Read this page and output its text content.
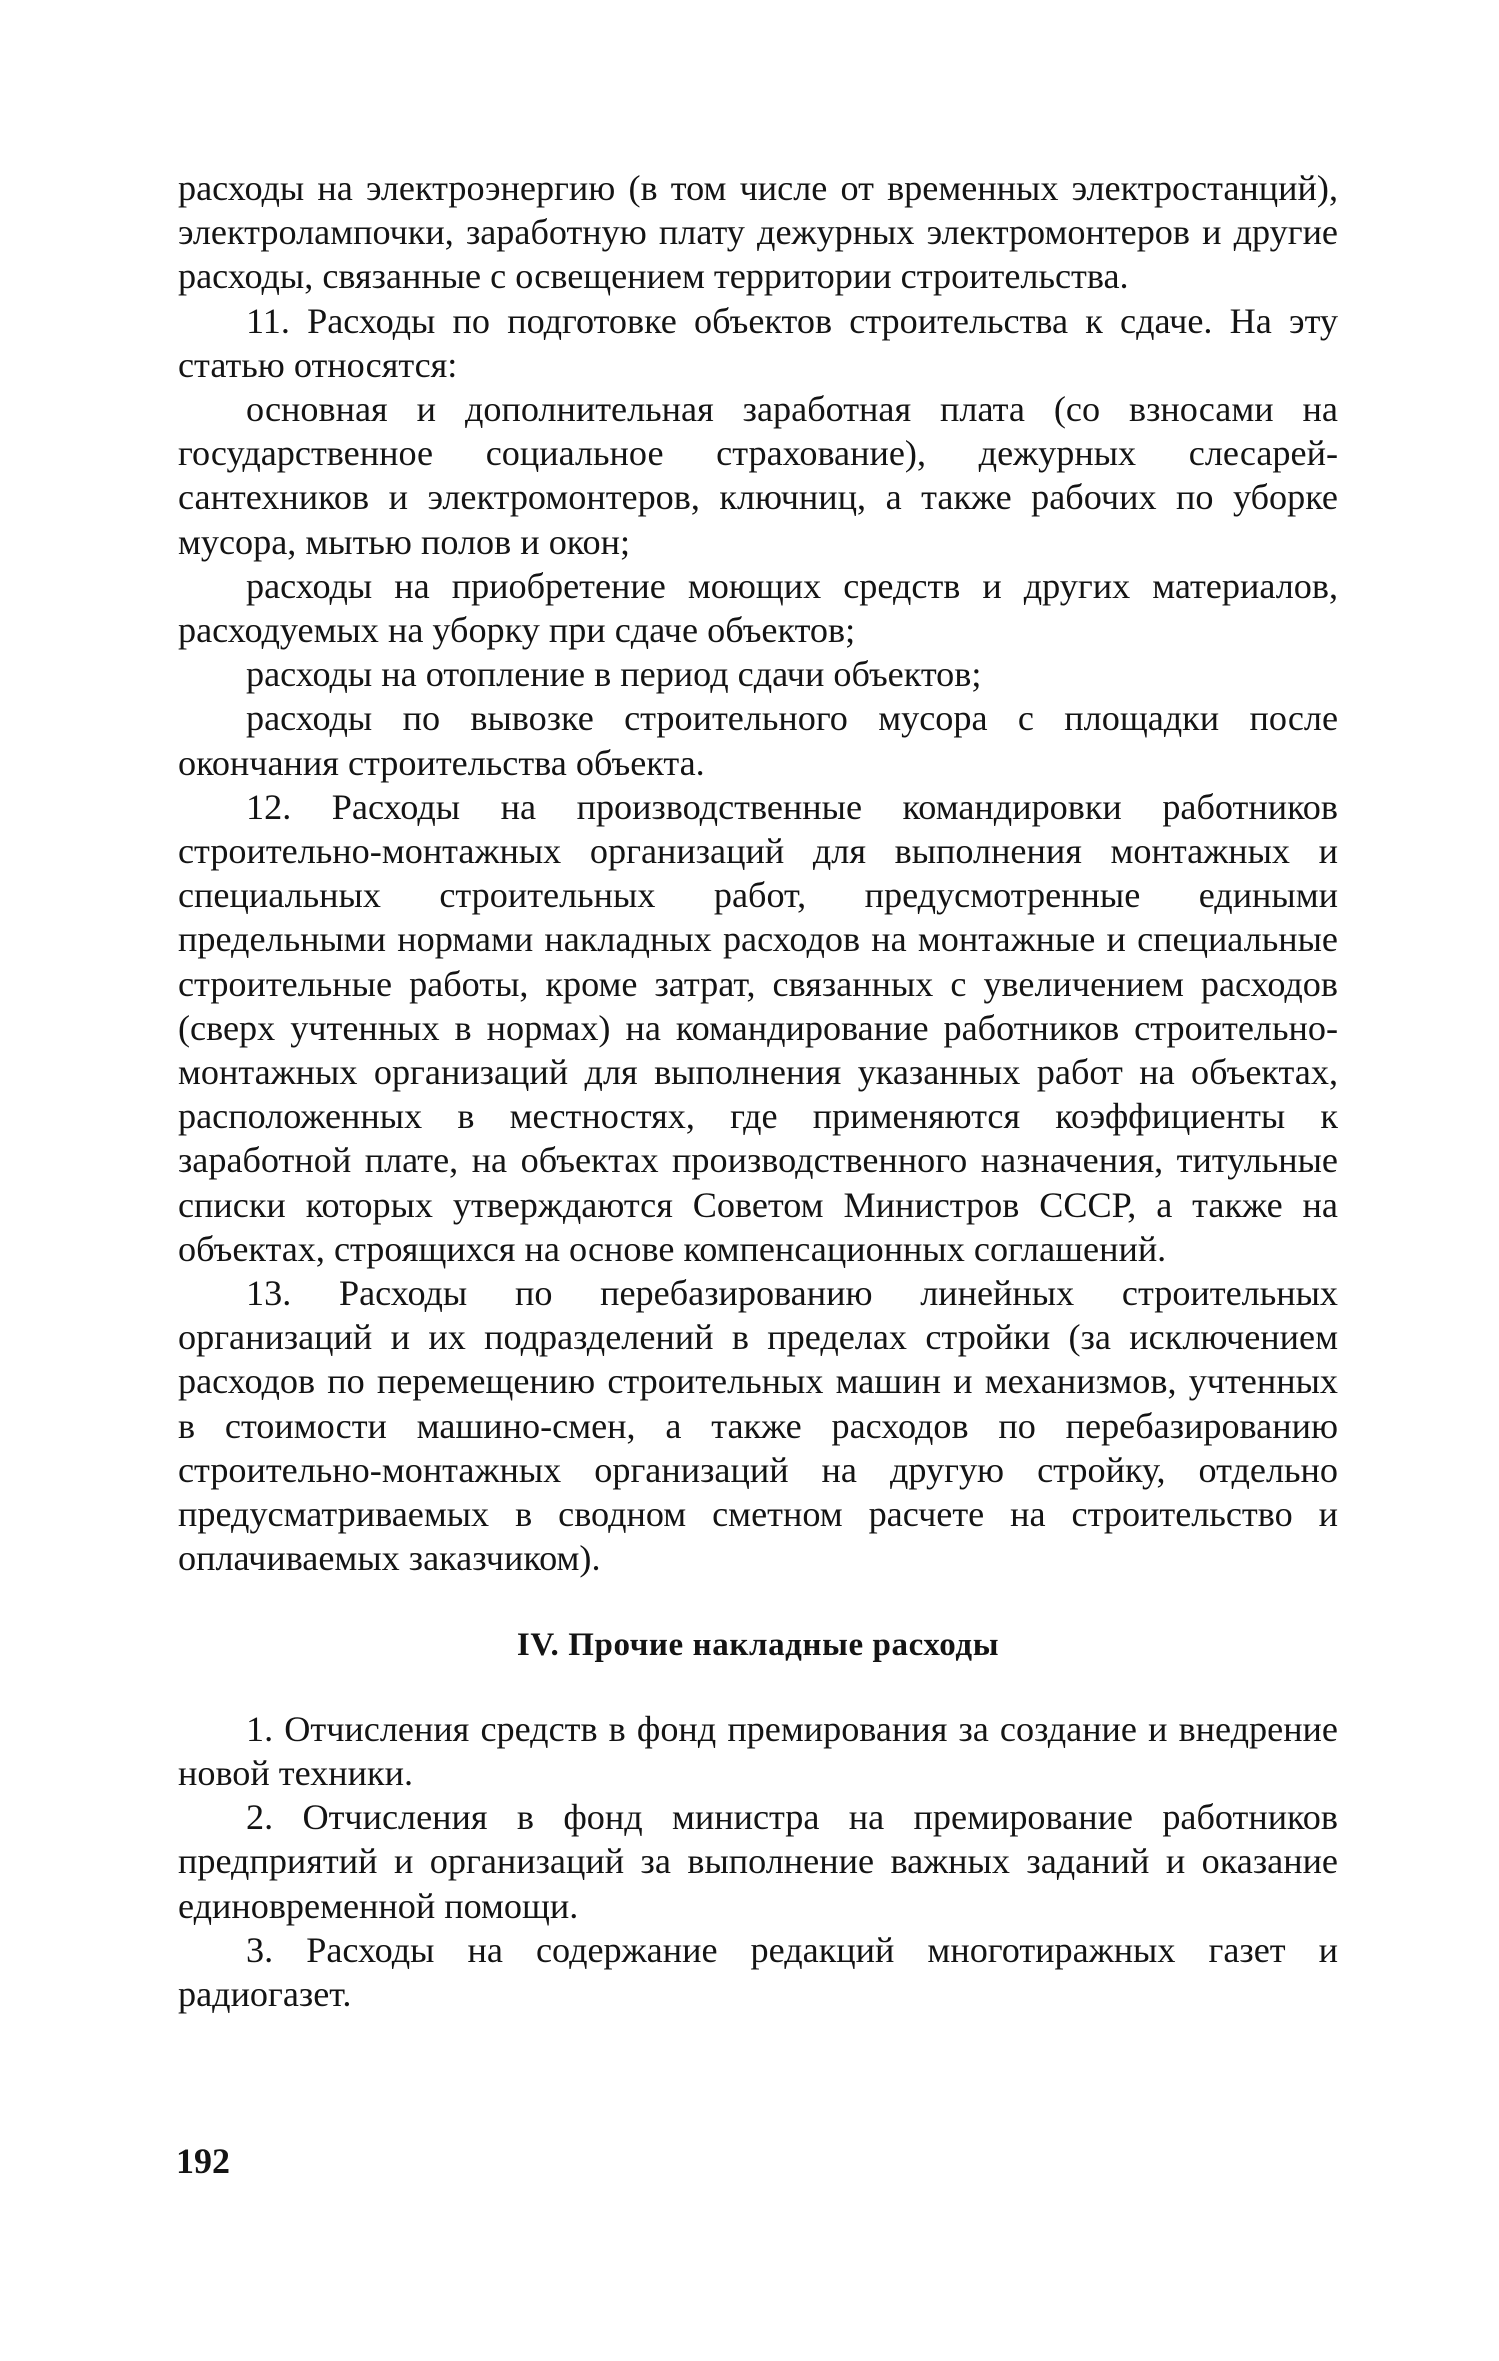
расходы на электроэнергию (в том числе от временных электростанций), электролампочки, заработную плату дежурных электромонтеров и другие расходы, связанные с освещением территории строительства.

11. Расходы по подготовке объектов строительства к сдаче. На эту статью относятся:

основная и дополнительная заработная плата (со взносами на государственное социальное страхование), дежурных слесарей-сантехников и электромонтеров, ключниц, а также рабочих по уборке мусора, мытью полов и окон;

расходы на приобретение моющих средств и других материалов, расходуемых на уборку при сдаче объектов;

расходы на отопление в период сдачи объектов;

расходы по вывозке строительного мусора с площадки после окончания строительства объекта.

12. Расходы на производственные командировки работников строительно-монтажных организаций для выполнения монтажных и специальных строительных работ, предусмотренные едиными предельными нормами накладных расходов на монтажные и специальные строительные работы, кроме затрат, связанных с увеличением расходов (сверх учтенных в нормах) на командирование работников строительно-монтажных организаций для выполнения указанных работ на объектах, расположенных в местностях, где применяются коэффициенты к заработной плате, на объектах производственного назначения, титульные списки которых утверждаются Советом Министров СССР, а также на объектах, строящихся на основе компенсационных соглашений.

13. Расходы по перебазированию линейных строительных организаций и их подразделений в пределах стройки (за исключением расходов по перемещению строительных машин и механизмов, учтенных в стоимости машино-смен, а также расходов по перебазированию строительно-монтажных организаций на другую стройку, отдельно предусматриваемых в сводном сметном расчете на строительство и оплачиваемых заказчиком).

IV. Прочие накладные расходы

1. Отчисления средств в фонд премирования за создание и внедрение новой техники.

2. Отчисления в фонд министра на премирование работников предприятий и организаций за выполнение важных заданий и оказание единовременной помощи.

3. Расходы на содержание редакций многотиражных газет и радиогазет.

192
